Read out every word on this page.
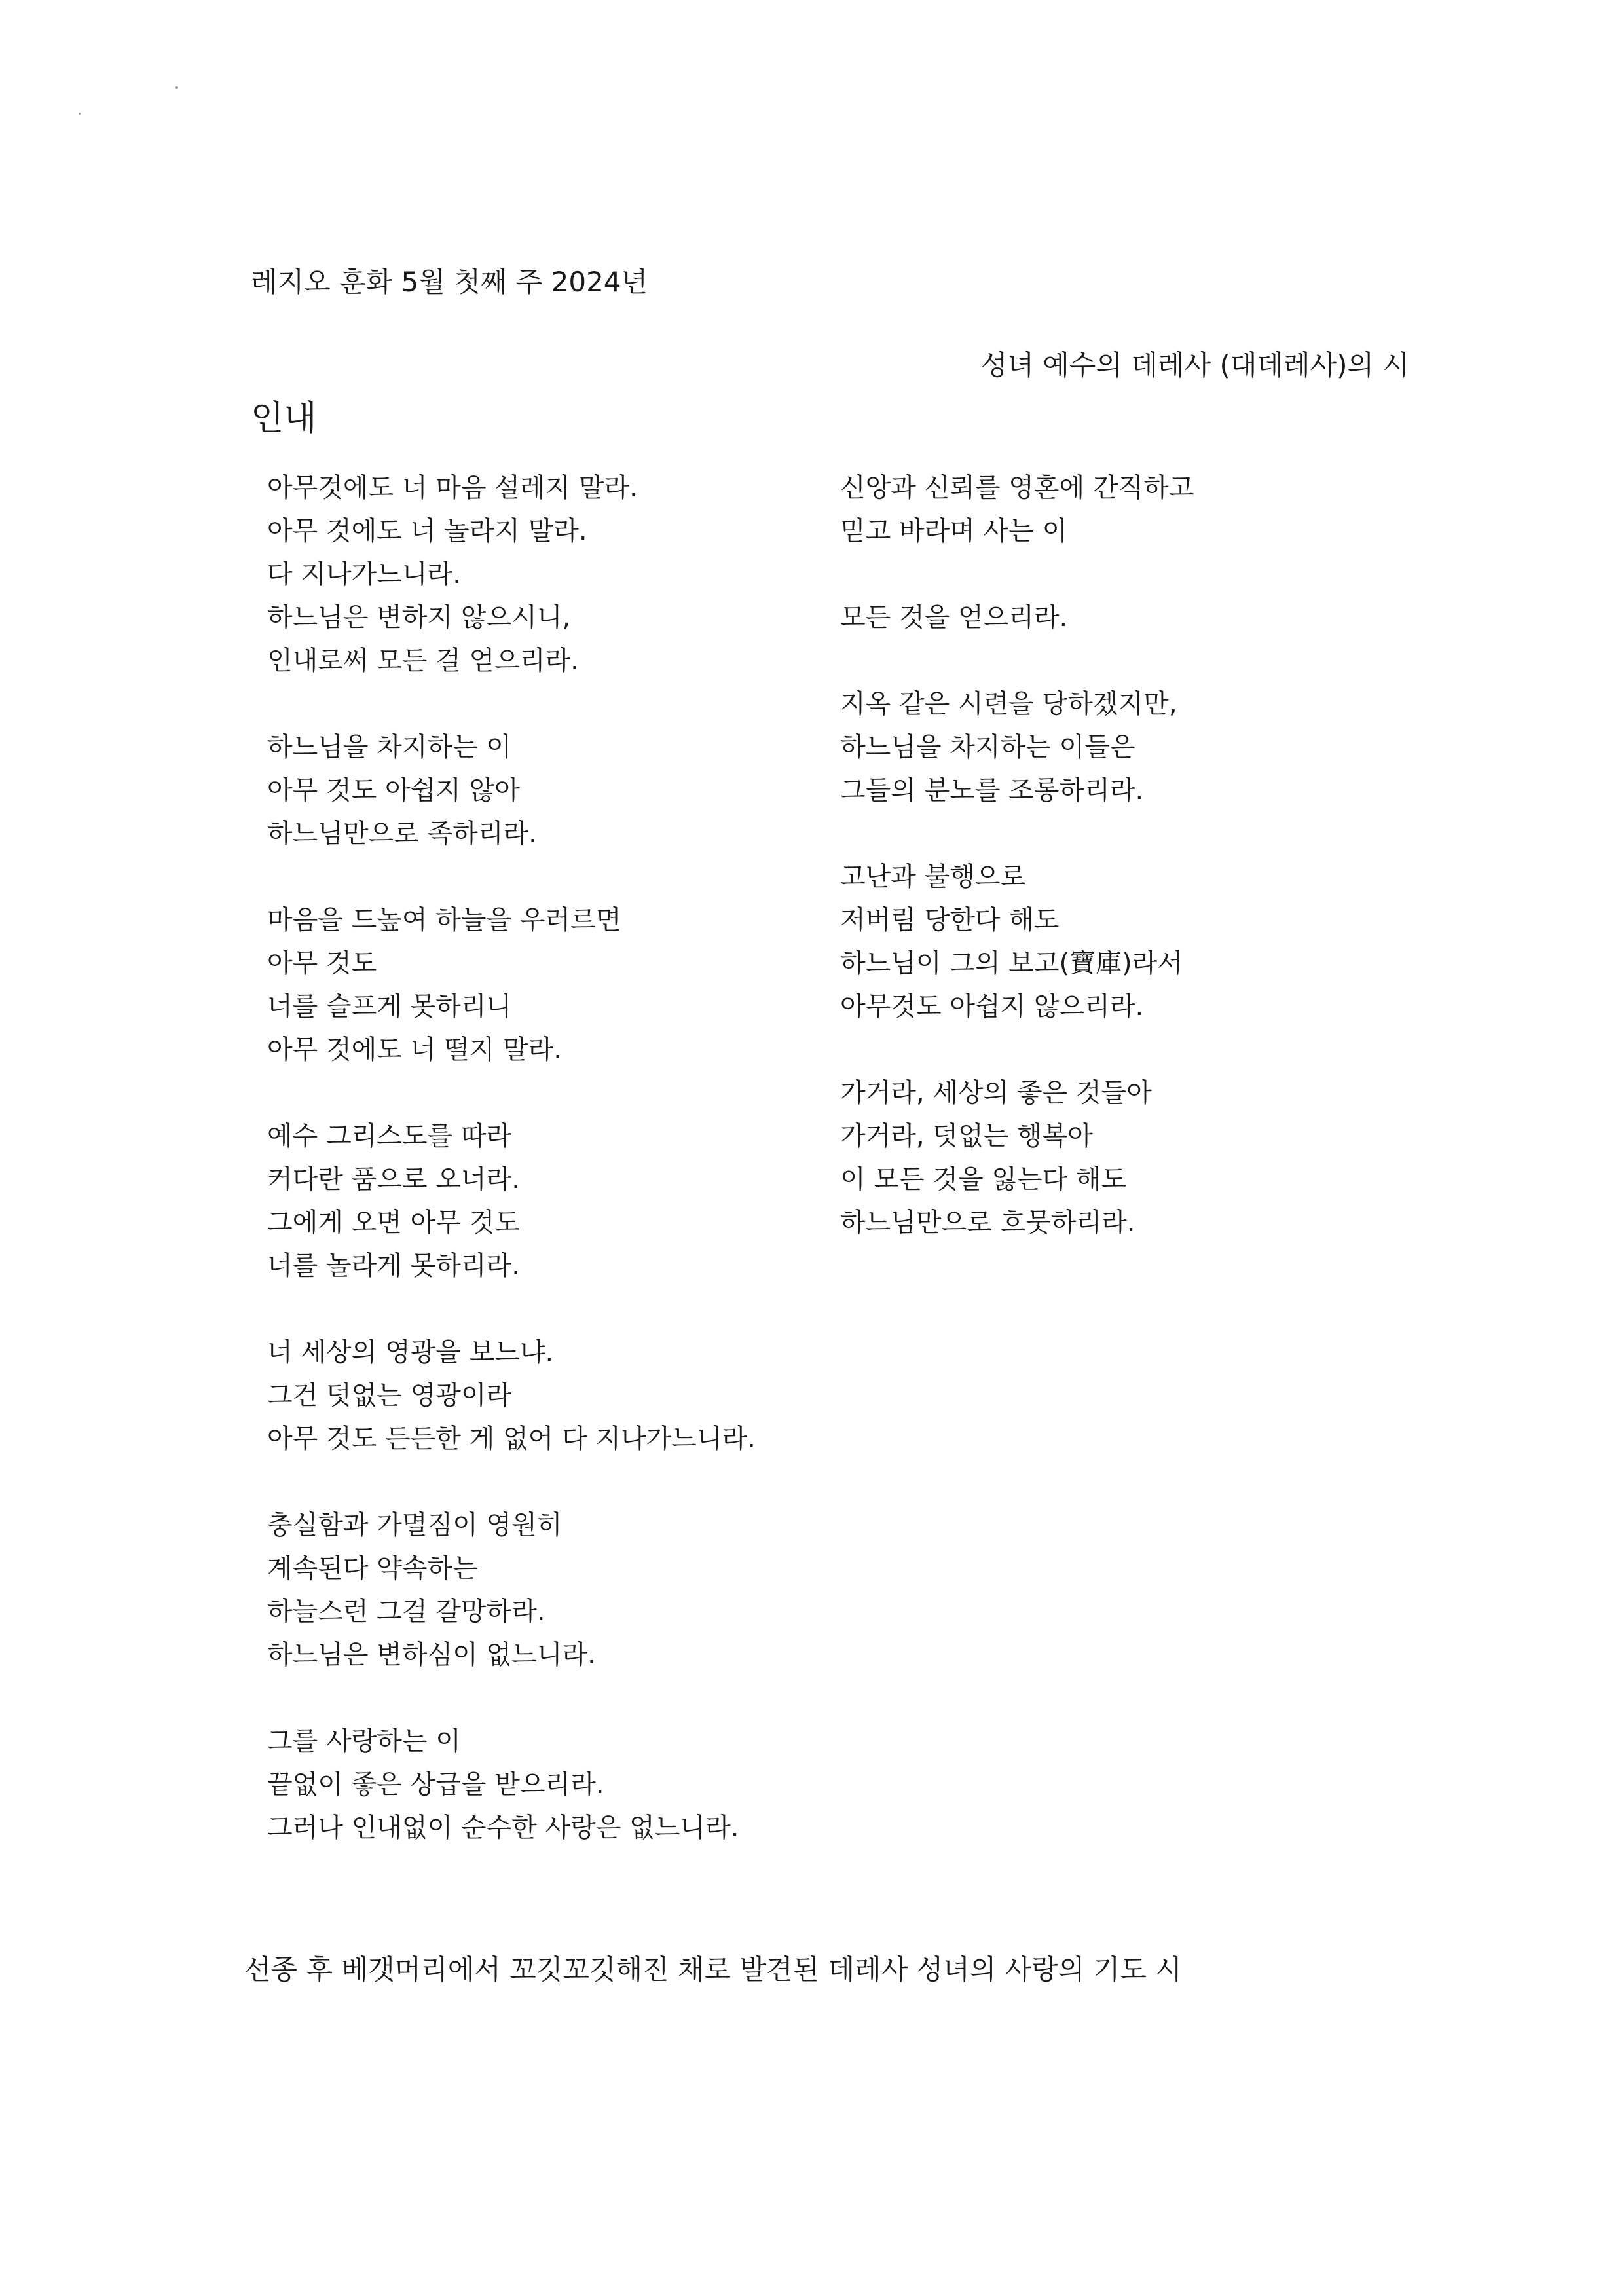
레지오 훈화 5월 첫째 주 2024년
성녀 예수의 데레사 (대데레사)의 시
인내
아무것에도 너 마음 설레지 말라.
아무 것에도 너 놀라지 말라.
다 지나가느니라.
하느님은 변하지 않으시니,
인내로써 모든 걸 얻으리라.
하느님을 차지하는 이
아무 것도 아쉽지 않아
하느님만으로 족하리라.
마음을 드높여 하늘을 우러르면
아무 것도
너를 슬프게 못하리니
아무 것에도 너 떨지 말라.
예수 그리스도를 따라
커다란 품으로 오너라.
그에게 오면 아무 것도
너를 놀라게 못하리라.
너 세상의 영광을 보느냐.
그건 덧없는 영광이라
아무 것도 든든한 게 없어 다 지나가느니라.
충실함과 가멸짐이 영원히
계속된다 약속하는
하늘스런 그걸 갈망하라.
하느님은 변하심이 없느니라.
그를 사랑하는 이
끝없이 좋은 상급을 받으리라.
그러나 인내없이 순수한 사랑은 없느니라.
신앙과 신뢰를 영혼에 간직하고
믿고 바라며 사는 이
모든 것을 얻으리라.
지옥 같은 시련을 당하겠지만,
하느님을 차지하는 이들은
그들의 분노를 조롱하리라.
고난과 불행으로
저버림 당한다 해도
하느님이 그의 보고(寶庫)라서
아무것도 아쉽지 않으리라.
가거라, 세상의 좋은 것들아
가거라, 덧없는 행복아
이 모든 것을 잃는다 해도
하느님만으로 흐뭇하리라.
선종 후 베갯머리에서 꼬깃꼬깃해진 채로 발견된 데레사 성녀의 사랑의 기도 시
